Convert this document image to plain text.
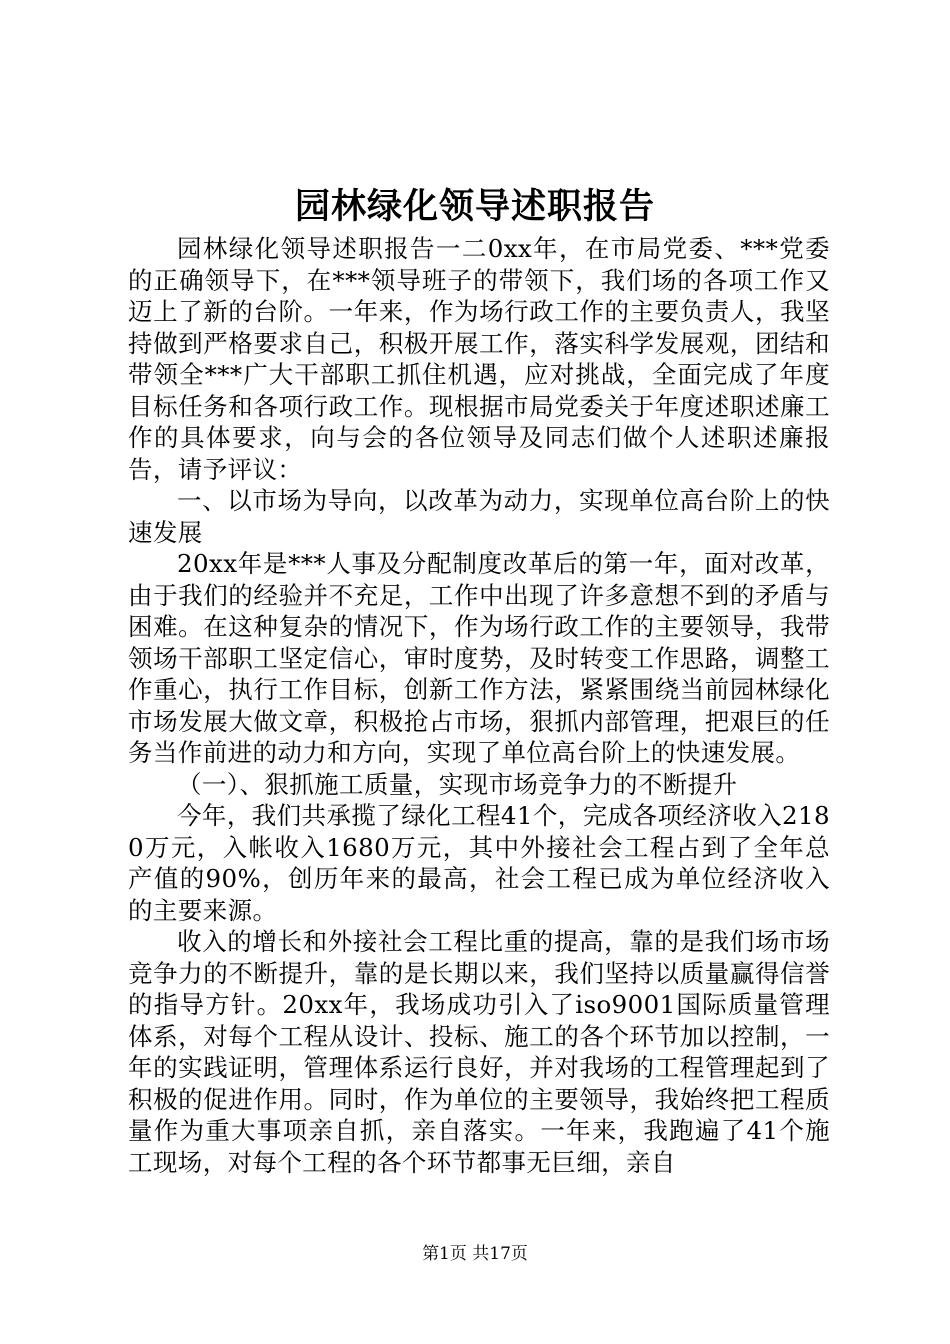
园林绿化领导述职报告

园林绿化领导述职报告一二0xx年，在市局党委、***党委的正确领导下，在***领导班子的带领下，我们场的各项工作又迈上了新的台阶。一年来，作为场行政工作的主要负责人，我坚持做到严格要求自己，积极开展工作，落实科学发展观，团结和带领全***广大干部职工抓住机遇，应对挑战，全面完成了年度目标任务和各项行政工作。现根据市局党委关于年度述职述廉工作的具体要求，向与会的各位领导及同志们做个人述职述廉报告，请予评议：

一、以市场为导向，以改革为动力，实现单位高台阶上的快速发展

20xx年是***人事及分配制度改革后的第一年，面对改革，由于我们的经验并不充足，工作中出现了许多意想不到的矛盾与困难。在这种复杂的情况下，作为场行政工作的主要领导，我带领场干部职工坚定信心，审时度势，及时转变工作思路，调整工作重心，执行工作目标，创新工作方法，紧紧围绕当前园林绿化市场发展大做文章，积极抢占市场，狠抓内部管理，把艰巨的任务当作前进的动力和方向，实现了单位高台阶上的快速发展。

（一）、狠抓施工质量，实现市场竞争力的不断提升

今年，我们共承揽了绿化工程41个，完成各项经济收入2180万元，入帐收入1680万元，其中外接社会工程占到了全年总产值的90%，创历年来的最高，社会工程已成为单位经济收入的主要来源。

收入的增长和外接社会工程比重的提高，靠的是我们场市场竞争力的不断提升，靠的是长期以来，我们坚持以质量赢得信誉的指导方针。20xx年，我场成功引入了iso9001国际质量管理体系，对每个工程从设计、投标、施工的各个环节加以控制，一年的实践证明，管理体系运行良好，并对我场的工程管理起到了积极的促进作用。同时，作为单位的主要领导，我始终把工程质量作为重大事项亲自抓，亲自落实。一年来，我跑遍了41个施工现场，对每个工程的各个环节都事无巨细，亲自

第1页 共17页
